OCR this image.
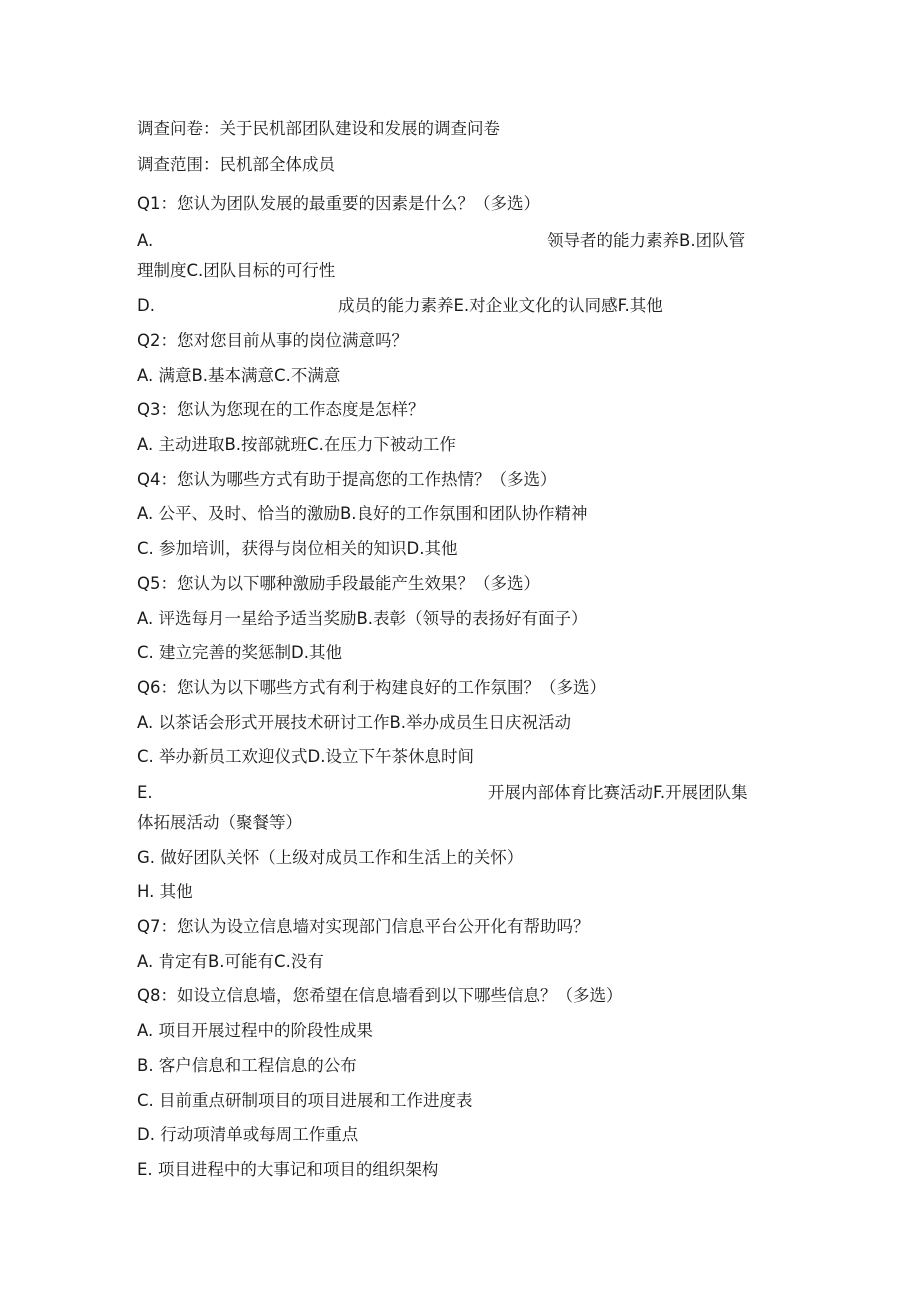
调查问卷：关于民机部团队建设和发展的调查问卷
调查范围：民机部全体成员
Q1：您认为团队发展的最重要的因素是什么？（多选）
A.	领导者的能力素养B.团队管
理制度C.团队目标的可行性
D.	成员的能力素养E.对企业文化的认同感F.其他
Q2：您对您目前从事的岗位满意吗？
A. 满意B.基本满意C.不满意
Q3：您认为您现在的工作态度是怎样？
A. 主动进取B.按部就班C.在压力下被动工作
Q4：您认为哪些方式有助于提高您的工作热情？（多选）
A. 公平、及时、恰当的激励B.良好的工作氛围和团队协作精神
C. 参加培训，获得与岗位相关的知识D.其他
Q5：您认为以下哪种激励手段最能产生效果？（多选）
A. 评选每月一星给予适当奖励B.表彰（领导的表扬好有面子）
C. 建立完善的奖惩制D.其他
Q6：您认为以下哪些方式有利于构建良好的工作氛围？（多选）
A. 以茶话会形式开展技术研讨工作B.举办成员生日庆祝活动
C. 举办新员工欢迎仪式D.设立下午茶休息时间
E.	开展内部体育比赛活动F.开展团队集
体拓展活动（聚餐等）
G. 做好团队关怀（上级对成员工作和生活上的关怀）
H. 其他
Q7：您认为设立信息墙对实现部门信息平台公开化有帮助吗？
A. 肯定有B.可能有C.没有
Q8：如设立信息墙，您希望在信息墙看到以下哪些信息？（多选）
A. 项目开展过程中的阶段性成果
B. 客户信息和工程信息的公布
C. 目前重点研制项目的项目进展和工作进度表
D. 行动项清单或每周工作重点
E. 项目进程中的大事记和项目的组织架构
